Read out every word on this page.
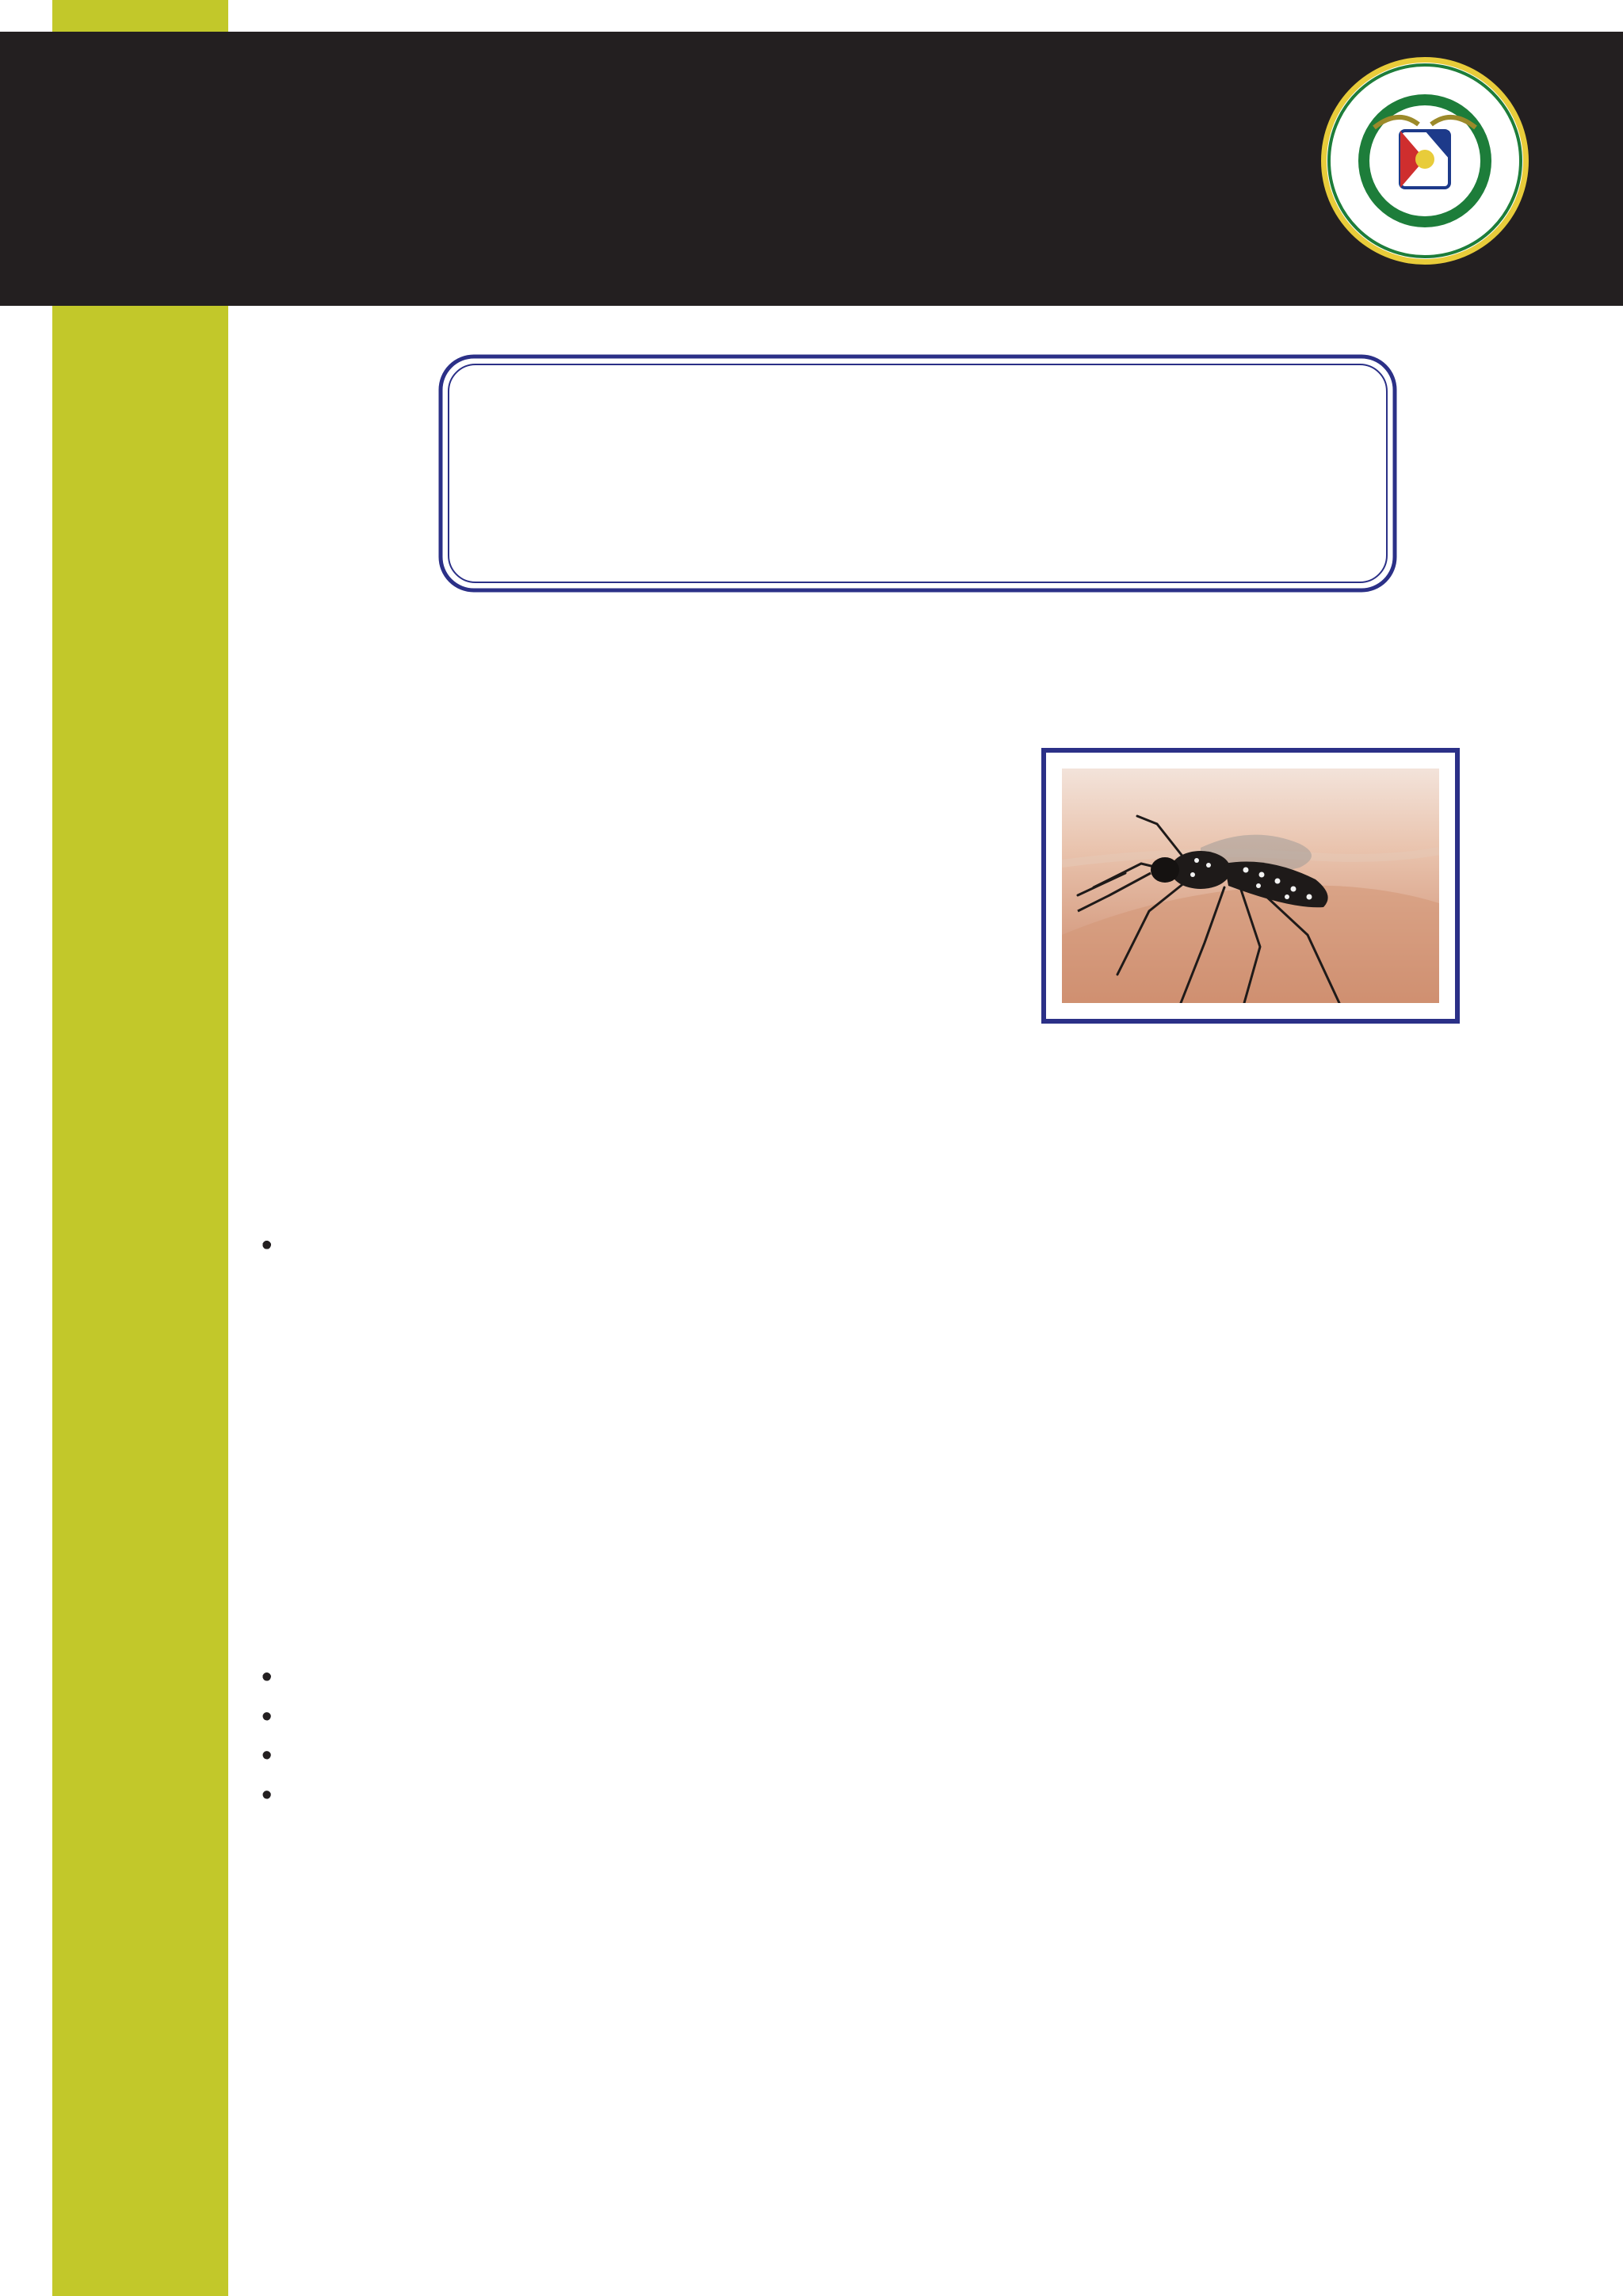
•

•

•

•
